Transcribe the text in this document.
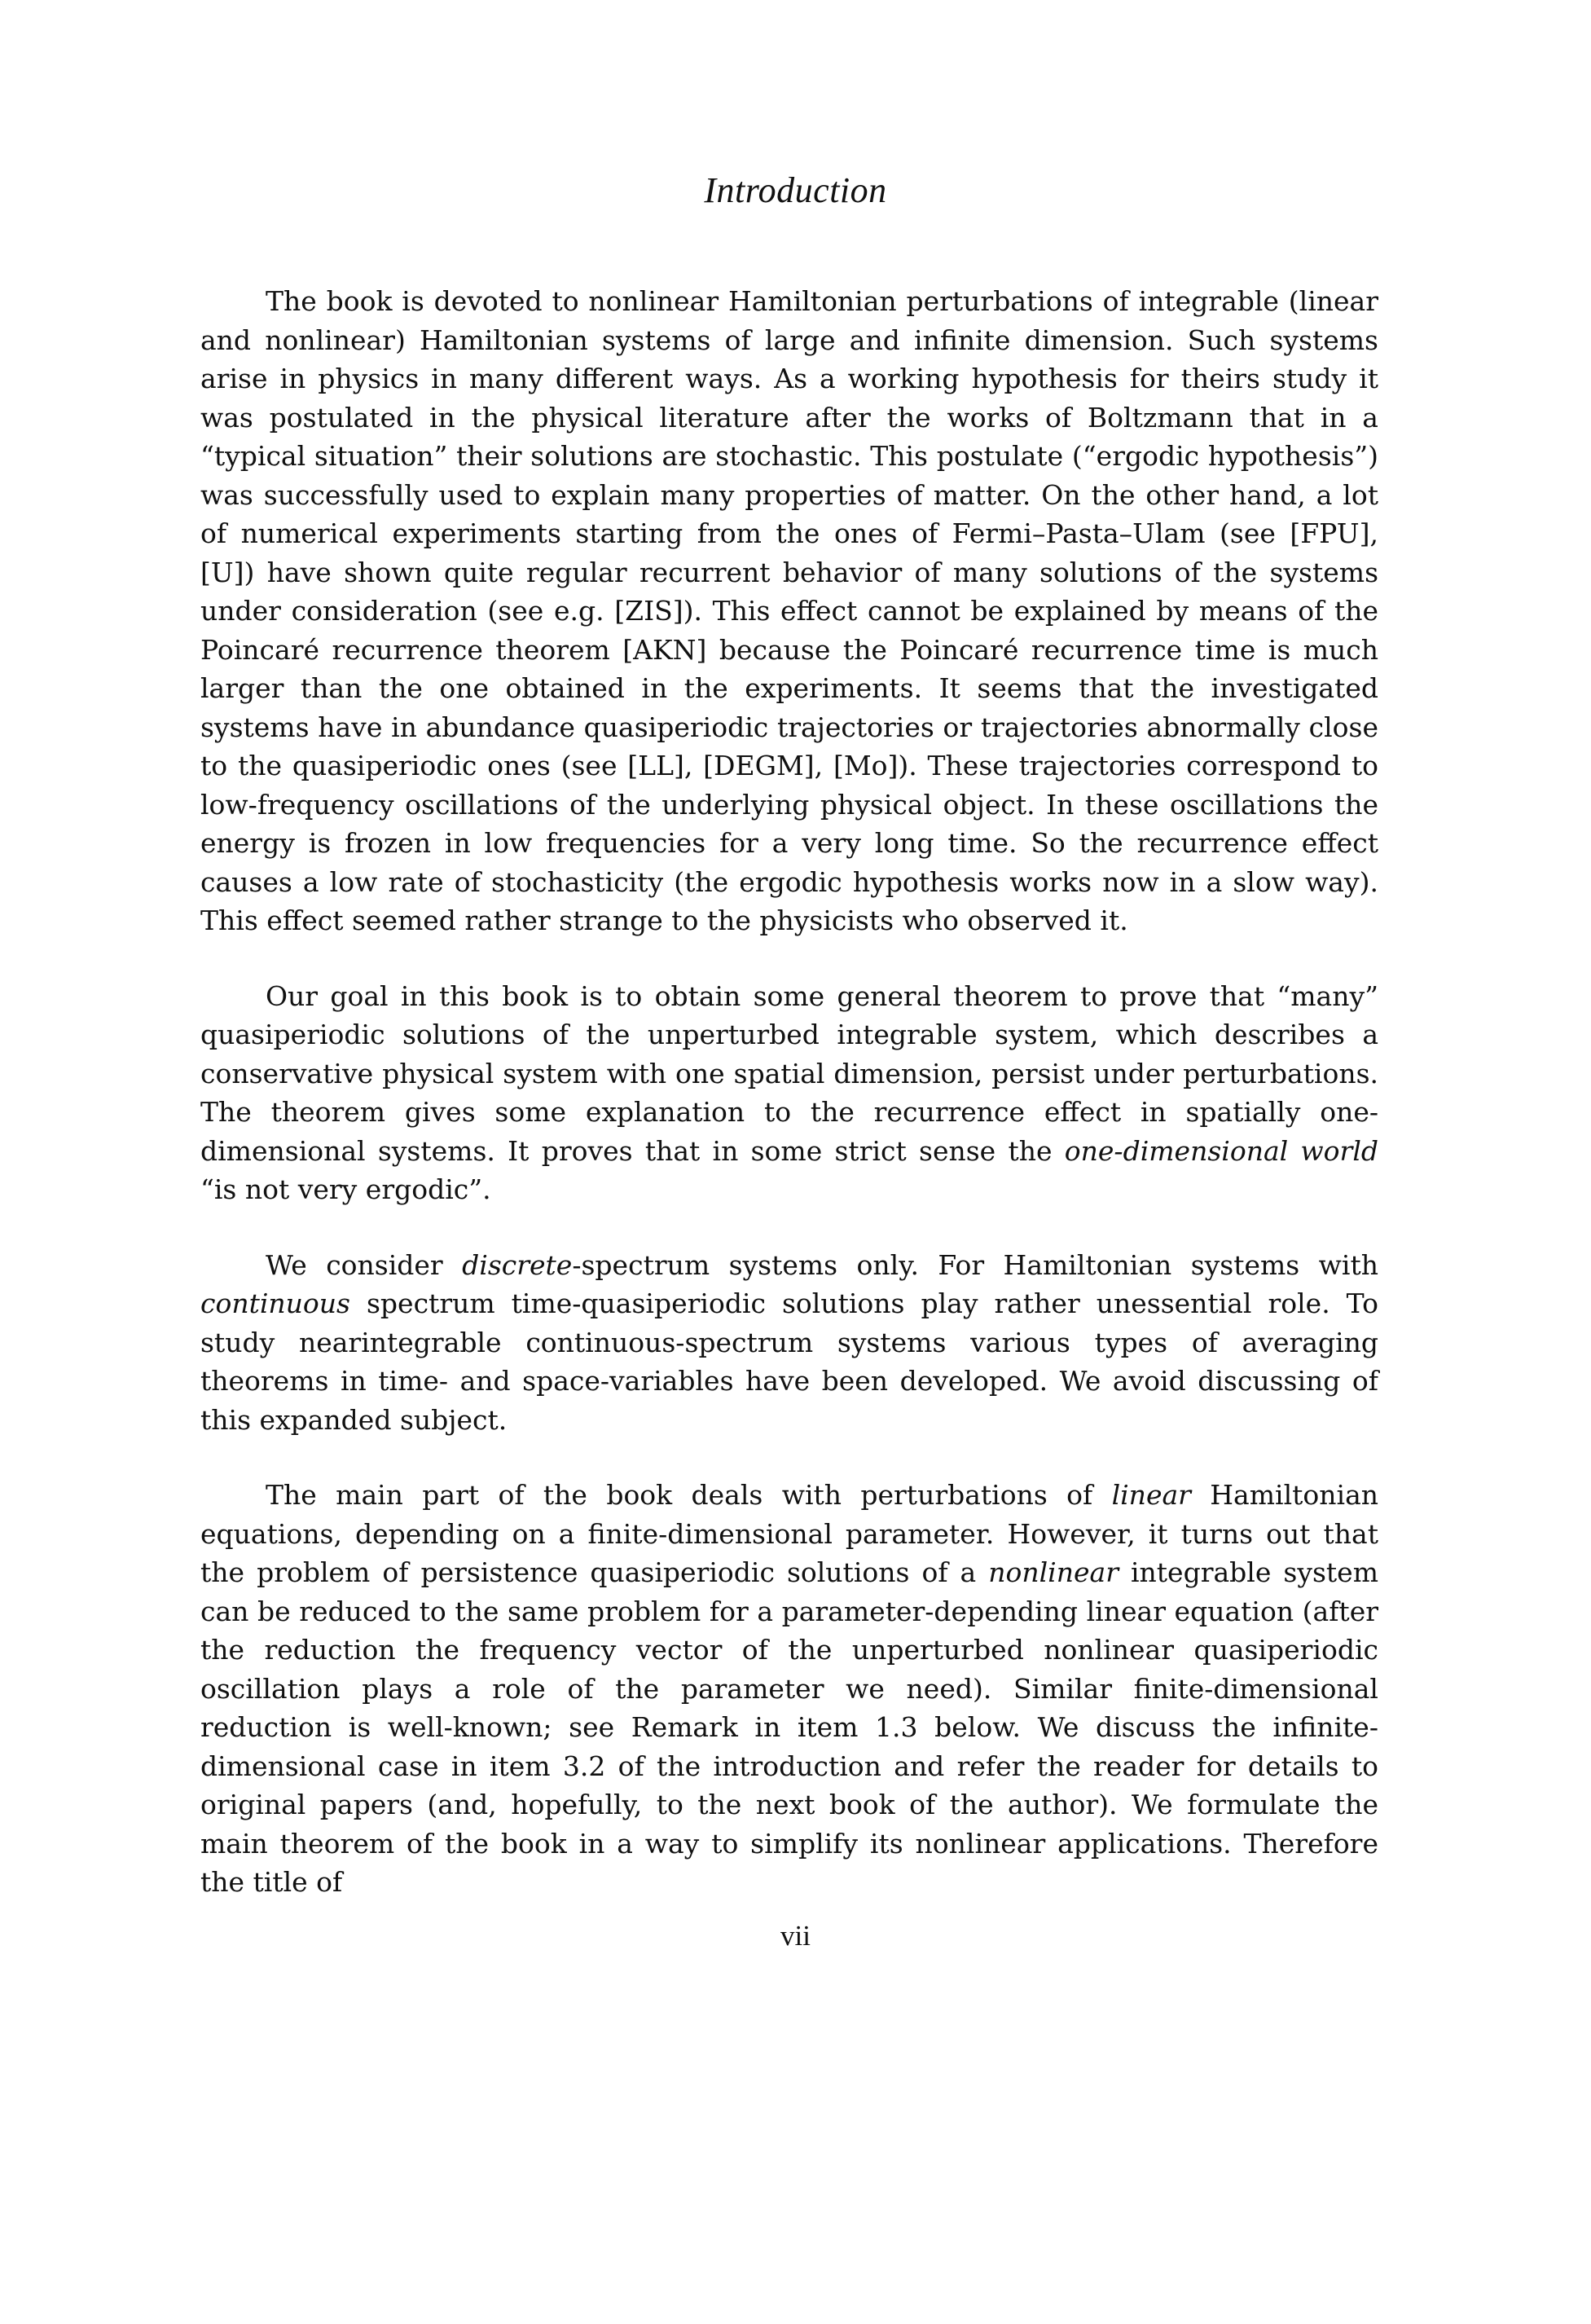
Introduction

The book is devoted to nonlinear Hamiltonian perturbations of integrable (linear and nonlinear) Hamiltonian systems of large and infinite dimension. Such systems arise in physics in many different ways. As a working hypothesis for theirs study it was postulated in the physical literature after the works of Boltzmann that in a “typical situation” their solutions are stochastic. This postulate (“ergodic hypothesis”) was successfully used to explain many properties of matter. On the other hand, a lot of numerical experiments starting from the ones of Fermi–Pasta–Ulam (see [FPU], [U]) have shown quite regular recurrent behavior of many solutions of the systems under consideration (see e.g. [ZIS]). This effect cannot be explained by means of the Poincaré recurrence theorem [AKN] because the Poincaré recurrence time is much larger than the one obtained in the experiments. It seems that the investigated systems have in abundance quasiperiodic trajectories or trajectories abnormally close to the quasiperiodic ones (see [LL], [DEGM], [Mo]). These trajectories correspond to low-frequency oscillations of the underlying physical object. In these oscillations the energy is frozen in low frequencies for a very long time. So the recurrence effect causes a low rate of stochasticity (the ergodic hypothesis works now in a slow way). This effect seemed rather strange to the physicists who observed it.

Our goal in this book is to obtain some general theorem to prove that “many” quasiperiodic solutions of the unperturbed integrable system, which describes a conservative physical system with one spatial dimension, persist under perturbations. The theorem gives some explanation to the recurrence effect in spatially one-dimensional systems. It proves that in some strict sense the one-dimensional world “is not very ergodic”.

We consider discrete-spectrum systems only. For Hamiltonian systems with continuous spectrum time-quasiperiodic solutions play rather unessential role. To study nearintegrable continuous-spectrum systems various types of averaging theorems in time- and space-variables have been developed. We avoid discussing of this expanded subject.

The main part of the book deals with perturbations of linear Hamiltonian equations, depending on a finite-dimensional parameter. However, it turns out that the problem of persistence quasiperiodic solutions of a nonlinear integrable system can be reduced to the same problem for a parameter-depending linear equation (after the reduction the frequency vector of the unperturbed nonlinear quasiperiodic oscillation plays a role of the parameter we need). Similar finite-dimensional reduction is well-known; see Remark in item 1.3 below. We discuss the infinite-dimensional case in item 3.2 of the introduction and refer the reader for details to original papers (and, hopefully, to the next book of the author). We formulate the main theorem of the book in a way to simplify its nonlinear applications. Therefore the title of

vii
